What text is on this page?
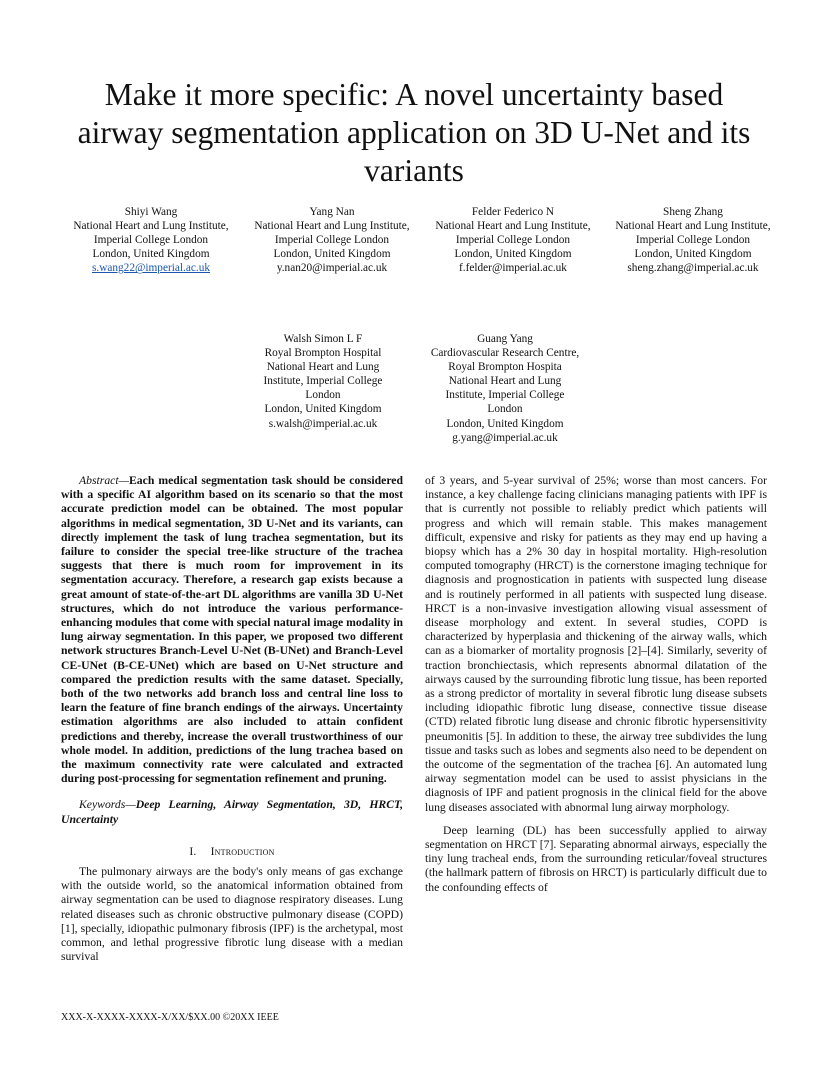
Make it more specific: A novel uncertainty based
airway segmentation application on 3D U-Net and its
variants
Shiyi Wang
National Heart and Lung Institute,
Imperial College London
London, United Kingdom
s.wang22@imperial.ac.uk
Yang Nan
National Heart and Lung Institute,
Imperial College London
London, United Kingdom
y.nan20@imperial.ac.uk
Felder Federico N
National Heart and Lung Institute,
Imperial College London
London, United Kingdom
f.felder@imperial.ac.uk
Sheng Zhang
National Heart and Lung Institute,
Imperial College London
London, United Kingdom
sheng.zhang@imperial.ac.uk
Walsh Simon L F
Royal Brompton Hospital
National Heart and Lung
Institute, Imperial College
London
London, United Kingdom
s.walsh@imperial.ac.uk
Guang Yang
Cardiovascular Research Centre,
Royal Brompton Hospita
National Heart and Lung
Institute, Imperial College
London
London, United Kingdom
g.yang@imperial.ac.uk

Abstract—Each medical segmentation task should be considered with a specific AI algorithm based on its scenario so that the most accurate prediction model can be obtained. The most popular algorithms in medical segmentation, 3D U-Net and its variants, can directly implement the task of lung trachea segmentation, but its failure to consider the special tree-like structure of the trachea suggests that there is much room for improvement in its segmentation accuracy. Therefore, a research gap exists because a great amount of state-of-the-art DL algorithms are vanilla 3D U-Net structures, which do not introduce the various performance-enhancing modules that come with special natural image modality in lung airway segmentation. In this paper, we proposed two different network structures Branch-Level U-Net (B-UNet) and Branch-Level CE-UNet (B-CE-UNet) which are based on U-Net structure and compared the prediction results with the same dataset. Specially, both of the two networks add branch loss and central line loss to learn the feature of fine branch endings of the airways. Uncertainty estimation algorithms are also included to attain confident predictions and thereby, increase the overall trustworthiness of our whole model. In addition, predictions of the lung trachea based on the maximum connectivity rate were calculated and extracted during post-processing for segmentation refinement and pruning.

Keywords—Deep Learning, Airway Segmentation, 3D, HRCT, Uncertainty

I. Introduction

The pulmonary airways are the body's only means of gas exchange with the outside world, so the anatomical information obtained from airway segmentation can be used to diagnose respiratory diseases. Lung related diseases such as chronic obstructive pulmonary disease (COPD) [1], specially, idiopathic pulmonary fibrosis (IPF) is the archetypal, most common, and lethal progressive fibrotic lung disease with a median survival

of 3 years, and 5-year survival of 25%; worse than most cancers. For instance, a key challenge facing clinicians managing patients with IPF is that is currently not possible to reliably predict which patients will progress and which will remain stable. This makes management difficult, expensive and risky for patients as they may end up having a biopsy which has a 2% 30 day in hospital mortality. High-resolution computed tomography (HRCT) is the cornerstone imaging technique for diagnosis and prognostication in patients with suspected lung disease and is routinely performed in all patients with suspected lung disease. HRCT is a non-invasive investigation allowing visual assessment of disease morphology and extent. In several studies, COPD is characterized by hyperplasia and thickening of the airway walls, which can as a biomarker of mortality prognosis [2]–[4]. Similarly, severity of traction bronchiectasis, which represents abnormal dilatation of the airways caused by the surrounding fibrotic lung tissue, has been reported as a strong predictor of mortality in several fibrotic lung disease subsets including idiopathic fibrotic lung disease, connective tissue disease (CTD) related fibrotic lung disease and chronic fibrotic hypersensitivity pneumonitis [5]. In addition to these, the airway tree subdivides the lung tissue and tasks such as lobes and segments also need to be dependent on the outcome of the segmentation of the trachea [6]. An automated lung airway segmentation model can be used to assist physicians in the diagnosis of IPF and patient prognosis in the clinical field for the above lung diseases associated with abnormal lung airway morphology.

Deep learning (DL) has been successfully applied to airway segmentation on HRCT [7]. Separating abnormal airways, especially the tiny lung tracheal ends, from the surrounding reticular/foveal structures (the hallmark pattern of fibrosis on HRCT) is particularly difficult due to the confounding effects of

XXX-X-XXXX-XXXX-X/XX/$XX.00 ©20XX IEEE
